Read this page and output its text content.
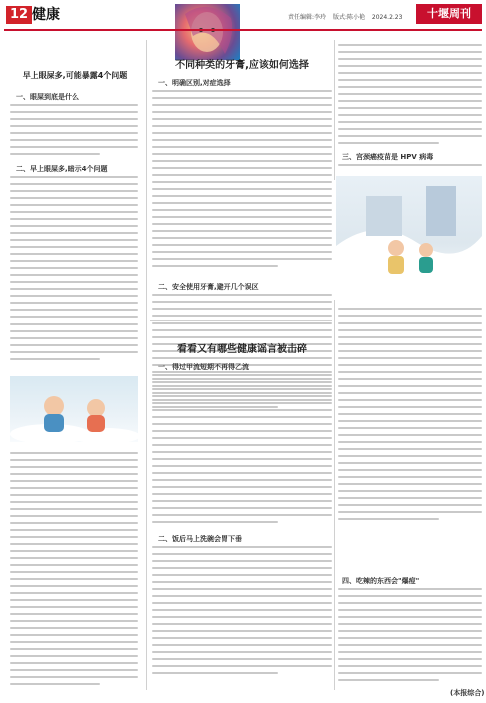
12 健康	责任编辑:李玲 版式:陈小艳 2024.2.23	十堰周刊
早上眼屎多,可能暴露4个问题
一、眼屎到底是什么
二、早上眼屎多,暗示4个问题
不同种类的牙膏,应该如何选择
一、明确区别,对症选择
二、安全使用牙膏,避开几个误区
三、宫颈癌疫苗是 HPV 病毒
看看又有哪些健康谣言被击碎
一、得过甲流短期不再得乙流
二、饭后马上洗碗会胃下垂
四、吃辣的东西会"爆痘"
(本报综合)
